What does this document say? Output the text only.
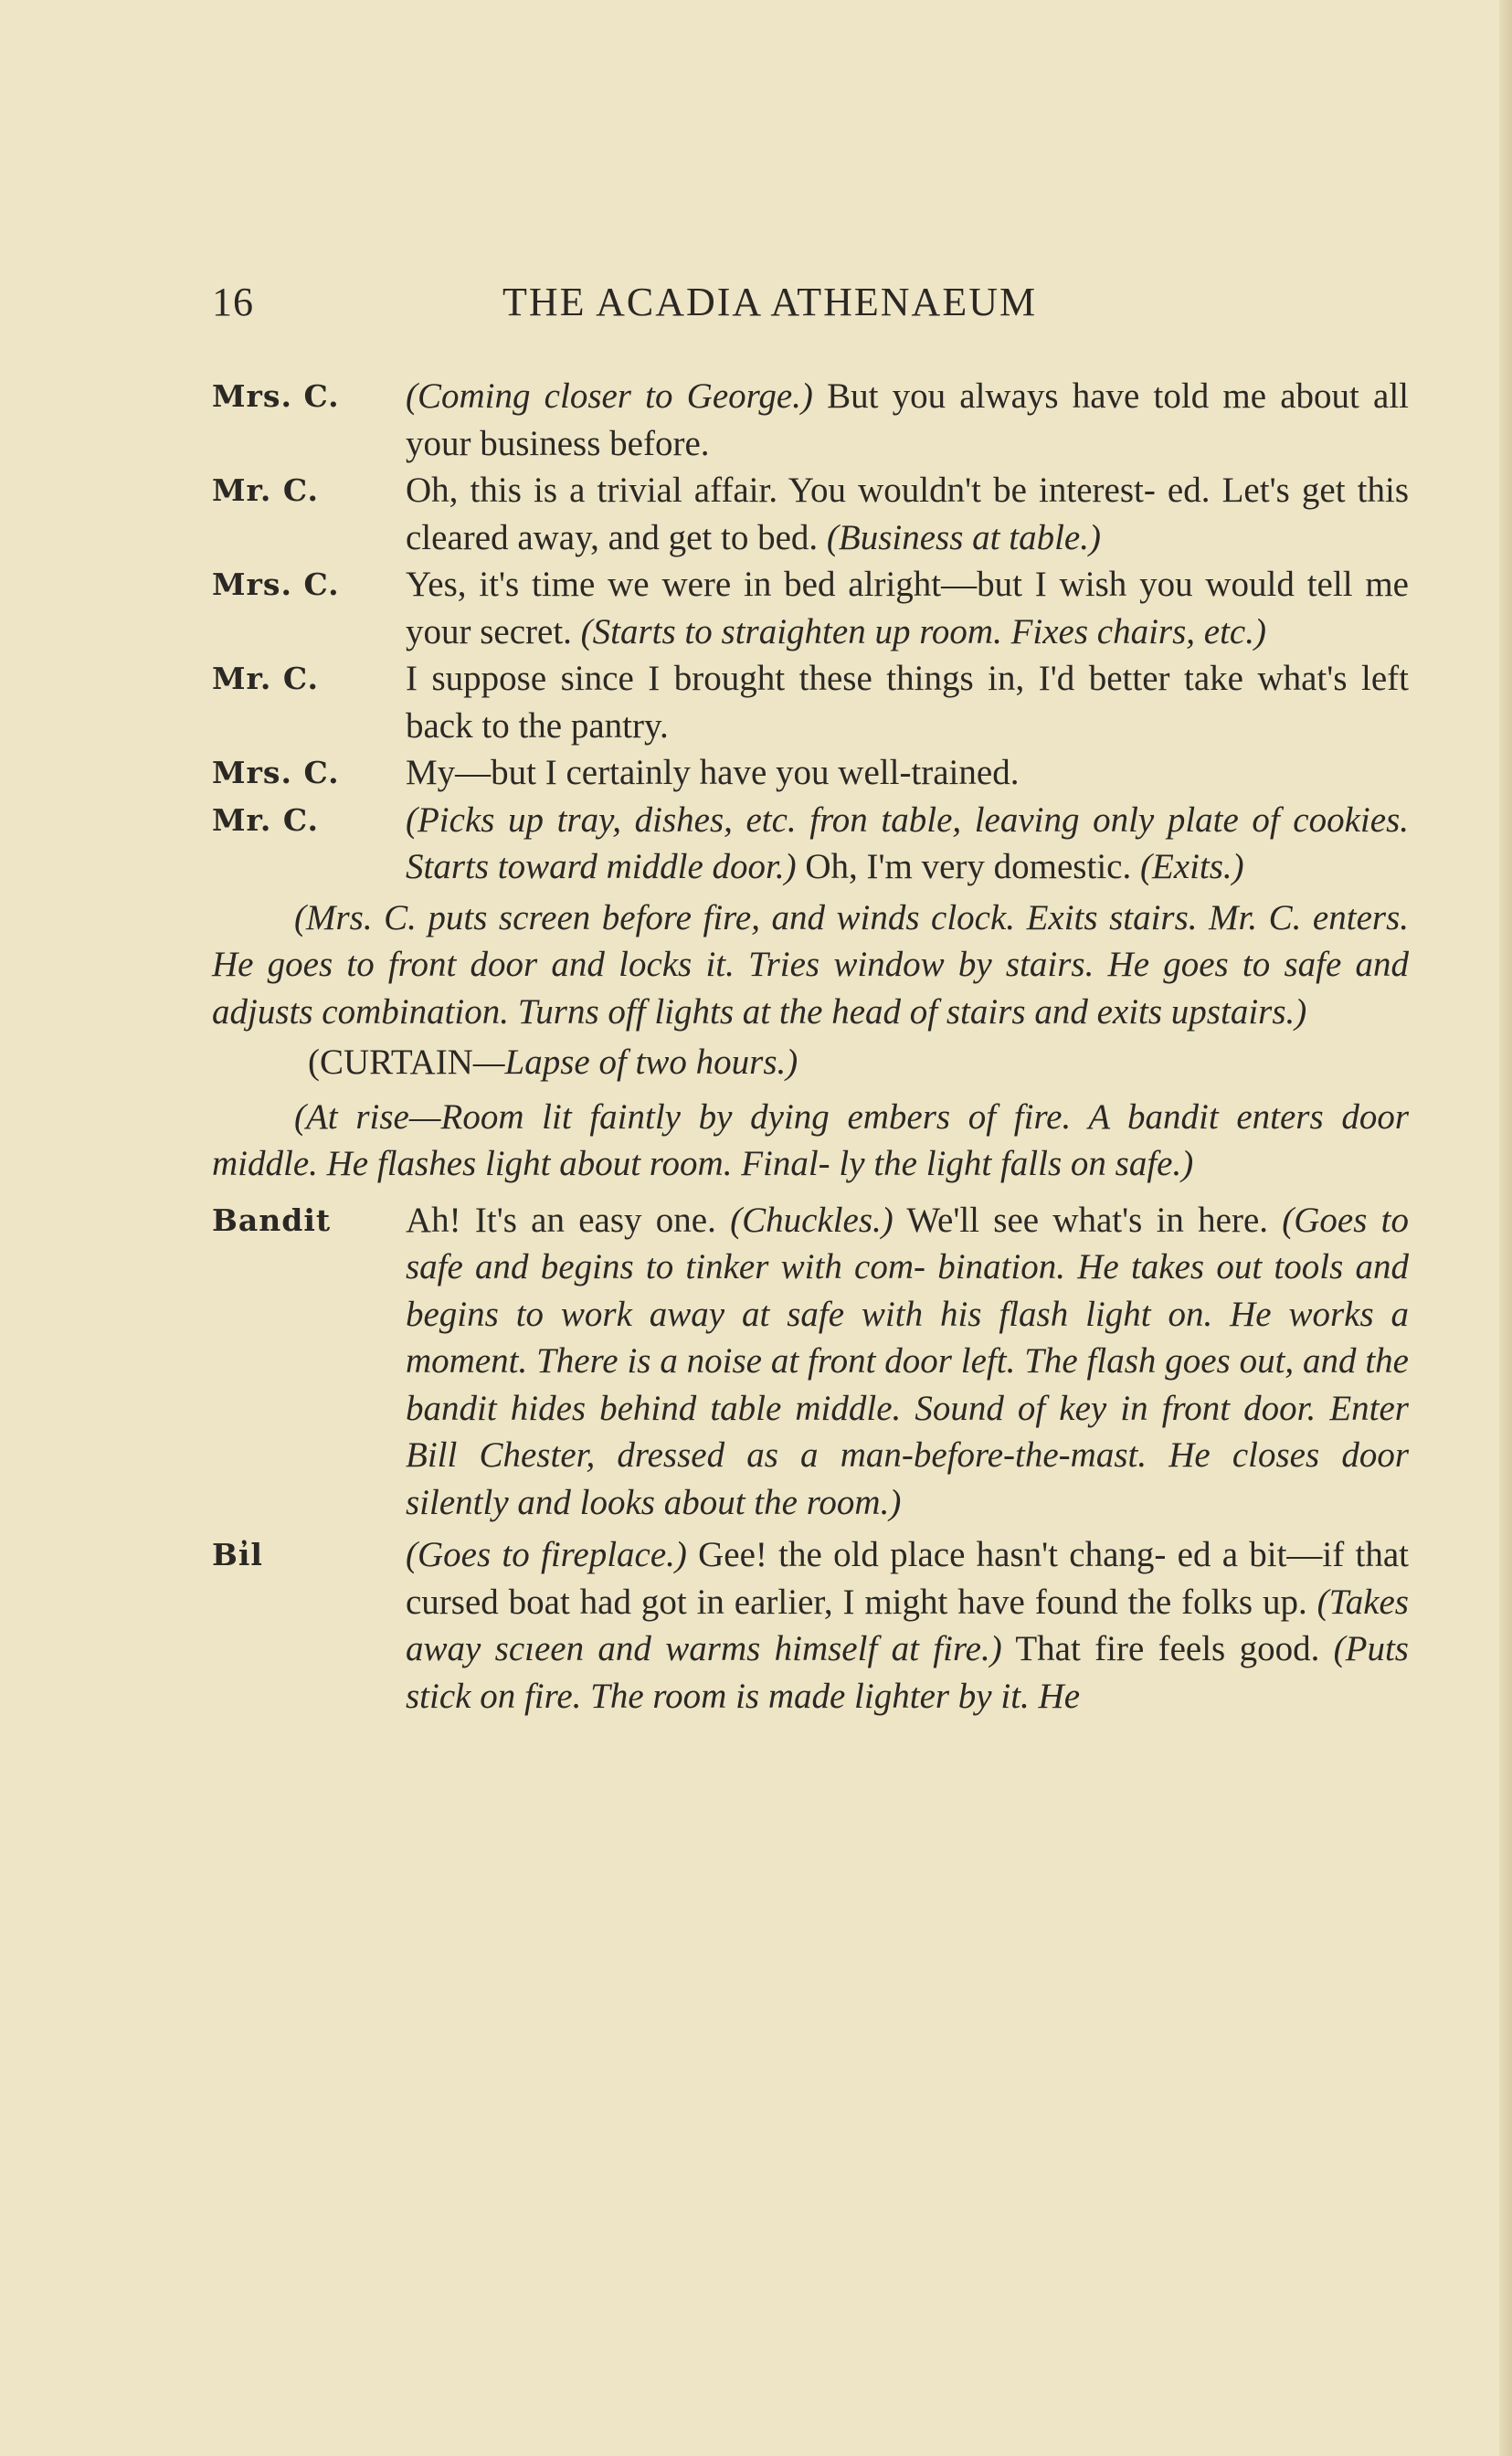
16	THE ACADIA ATHENAEUM
Mrs. C.	(Coming closer to George.) But you always have told me about all your business before.
Mr. C.	Oh, this is a trivial affair. You wouldn't be interest- ed. Let's get this cleared away, and get to bed. (Business at table.)
Mrs. C.	Yes, it's time we were in bed alright—but I wish you would tell me your secret. (Starts to straighten up room. Fixes chairs, etc.)
Mr. C.	I suppose since I brought these things in, I'd better take what's left back to the pantry.
Mrs. C.	My—but I certainly have you well-trained.
Mr. C.	(Picks up tray, dishes, etc. fron table, leaving only plate of cookies. Starts toward middle door.) Oh, I'm very domestic. (Exits.)
(Mrs. C. puts screen before fire, and winds clock. Exits stairs. Mr. C. enters. He goes to front door and locks it. Tries window by stairs. He goes to safe and adjusts combination. Turns off lights at the head of stairs and exits upstairs.)
(CURTAIN—Lapse of two hours.)
(At rise—Room lit faintly by dying embers of fire. A bandit enters door middle. He flashes light about room. Final- ly the light falls on safe.)
Bandit	Ah! It's an easy one. (Chuckles.) We'll see what's in here. (Goes to safe and begins to tinker with com- bination. He takes out tools and begins to work away at safe with his flash light on. He works a moment. There is a noise at front door left. The flash goes out, and the bandit hides behind table middle. Sound of key in front door. Enter Bill Chester, dressed as a man-before-the-mast. He closes door silently and looks about the room.)
Bi̓l	(Goes to fireplace.) Gee! the old place hasn't chang- ed a bit—if that cursed boat had got in earlier, I might have found the folks up. (Takes away scıeen and warms himself at fire.) That fire feels good. (Puts stick on fire. The room is made lighter by it. He
